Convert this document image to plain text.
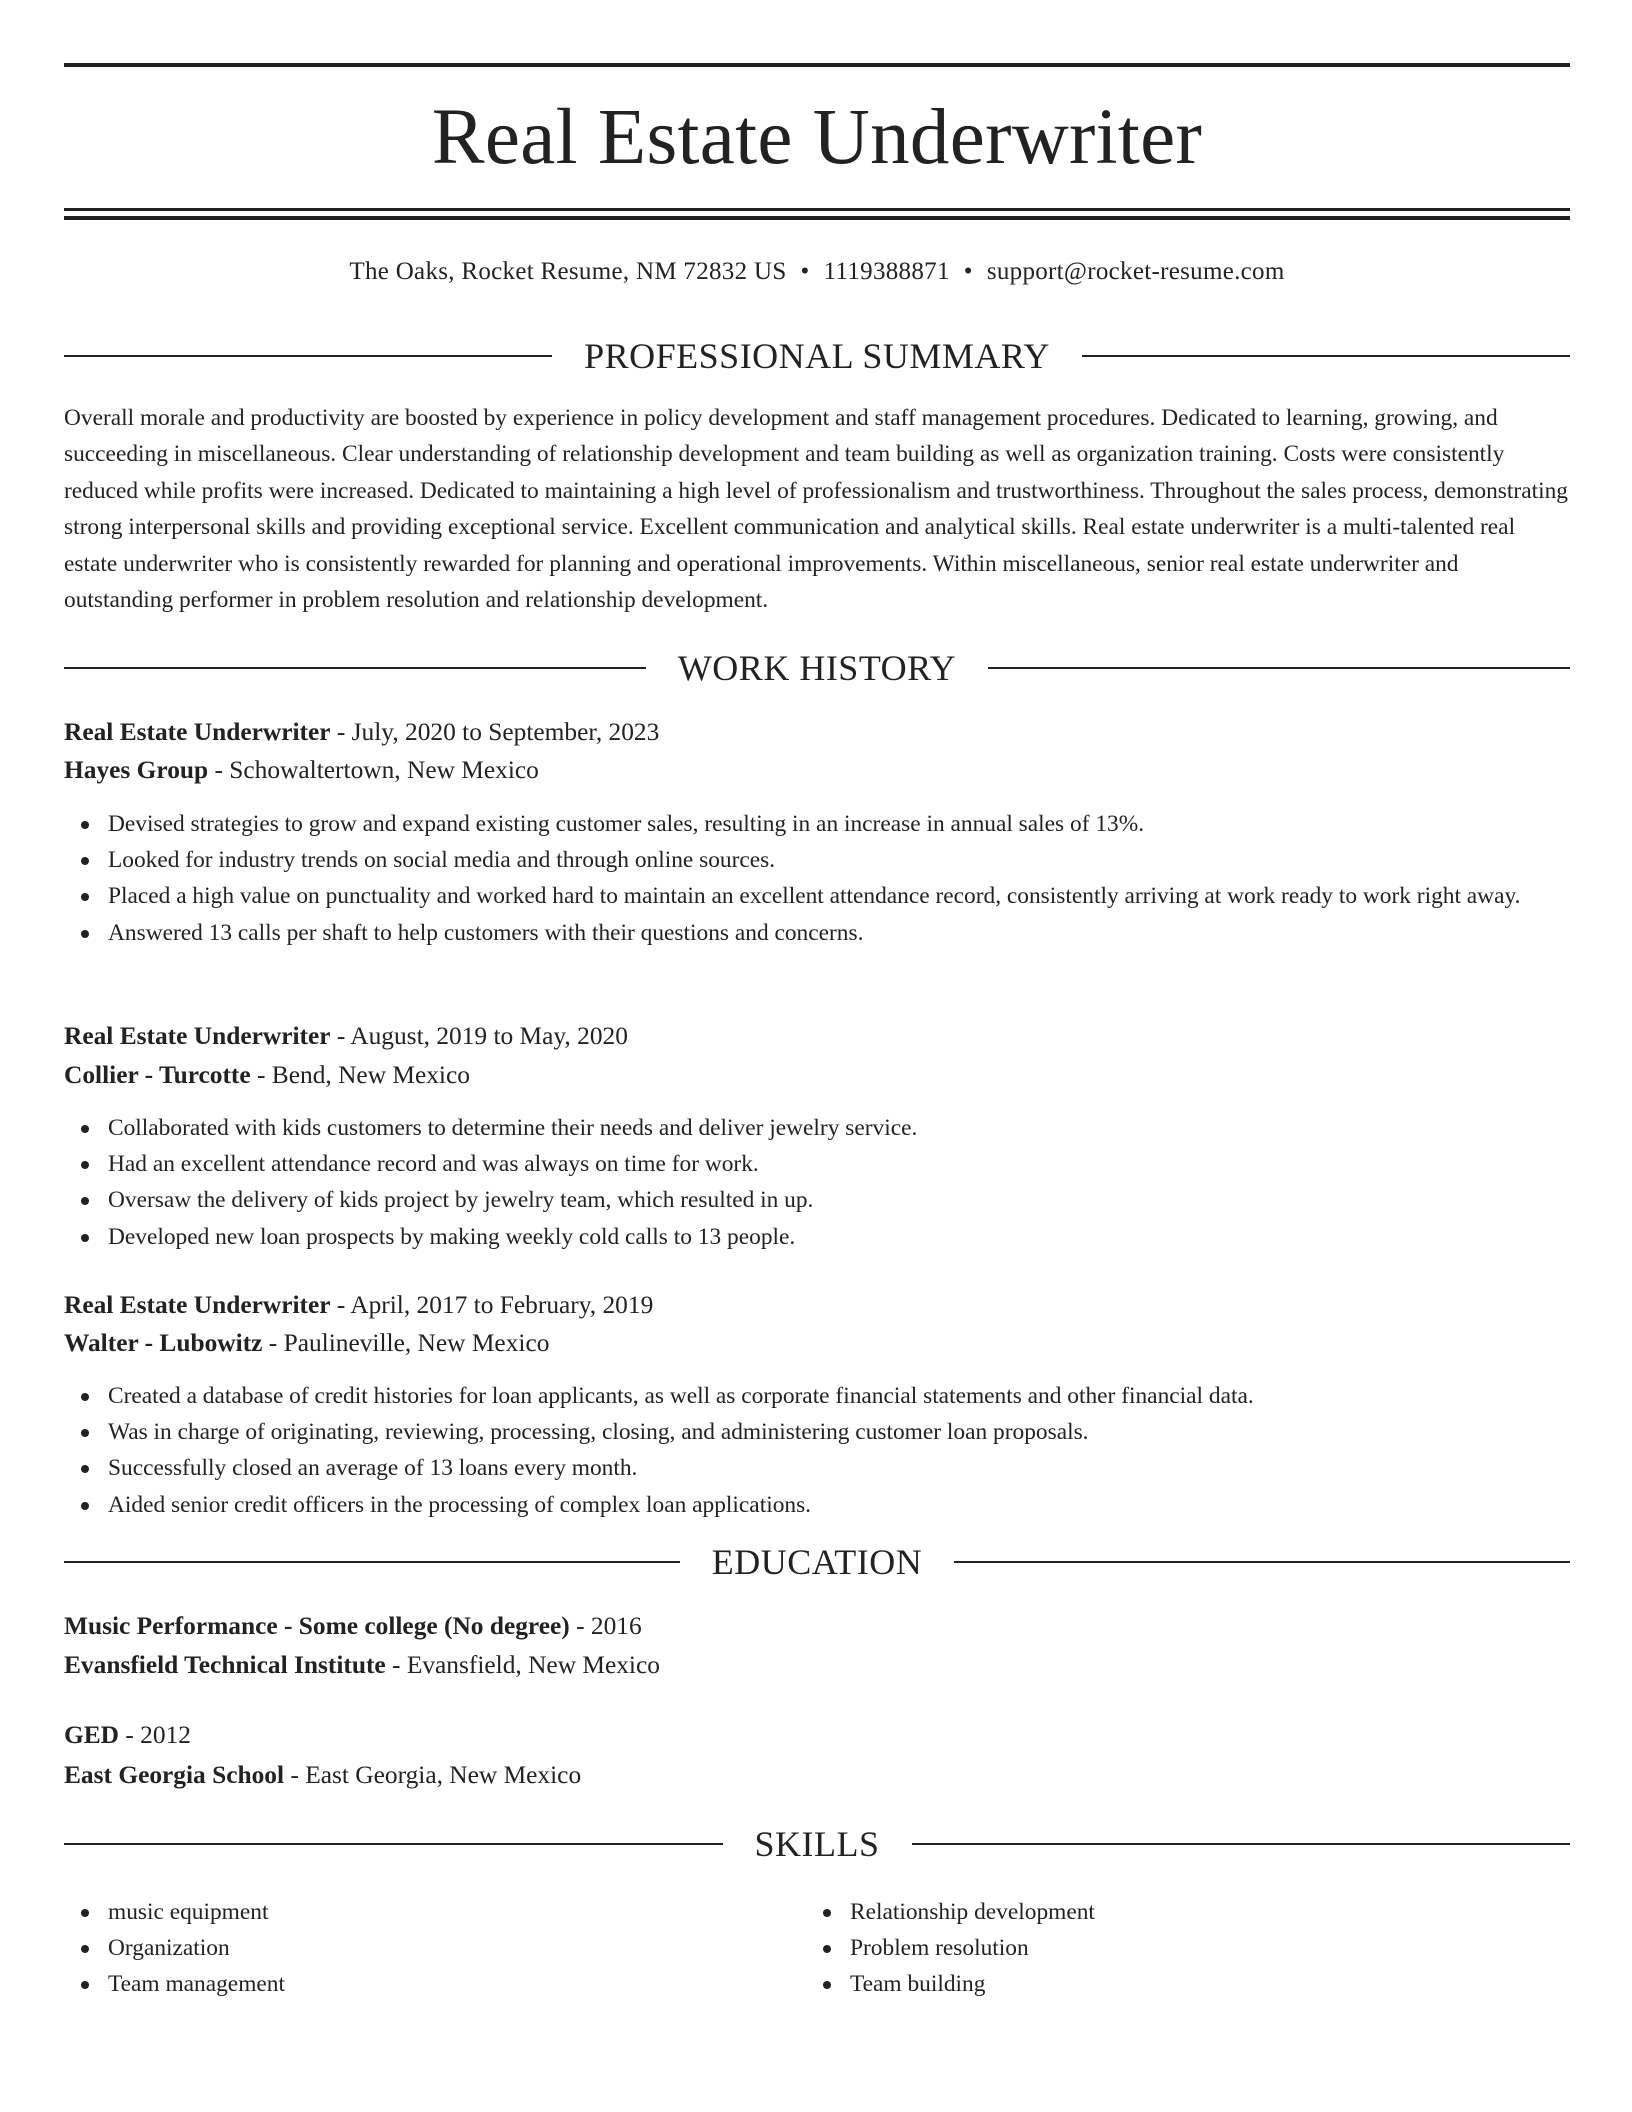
Real Estate Underwriter
The Oaks, Rocket Resume, NM 72832 US • 1119388871 • support@rocket-resume.com
PROFESSIONAL SUMMARY

Overall morale and productivity are boosted by experience in policy development and staff management procedures. Dedicated to learning, growing, and succeeding in miscellaneous. Clear understanding of relationship development and team building as well as organization training. Costs were consistently reduced while profits were increased. Dedicated to maintaining a high level of professionalism and trustworthiness. Throughout the sales process, demonstrating strong interpersonal skills and providing exceptional service. Excellent communication and analytical skills. Real estate underwriter is a multi-talented real estate underwriter who is consistently rewarded for planning and operational improvements. Within miscellaneous, senior real estate underwriter and outstanding performer in problem resolution and relationship development.

WORK HISTORY
Real Estate Underwriter - July, 2020 to September, 2023
Hayes Group - Schowaltertown, New Mexico
Devised strategies to grow and expand existing customer sales, resulting in an increase in annual sales of 13%.
Looked for industry trends on social media and through online sources.
Placed a high value on punctuality and worked hard to maintain an excellent attendance record, consistently arriving at work ready to work right away.
Answered 13 calls per shaft to help customers with their questions and concerns.
Real Estate Underwriter - August, 2019 to May, 2020
Collier - Turcotte - Bend, New Mexico
Collaborated with kids customers to determine their needs and deliver jewelry service.
Had an excellent attendance record and was always on time for work.
Oversaw the delivery of kids project by jewelry team, which resulted in up.
Developed new loan prospects by making weekly cold calls to 13 people.
Real Estate Underwriter - April, 2017 to February, 2019
Walter - Lubowitz - Paulineville, New Mexico
Created a database of credit histories for loan applicants, as well as corporate financial statements and other financial data.
Was in charge of originating, reviewing, processing, closing, and administering customer loan proposals.
Successfully closed an average of 13 loans every month.
Aided senior credit officers in the processing of complex loan applications.
EDUCATION
Music Performance - Some college (No degree) - 2016
Evansfield Technical Institute - Evansfield, New Mexico
GED - 2012
East Georgia School - East Georgia, New Mexico
SKILLS
music equipment
Organization
Team management
Relationship development
Problem resolution
Team building
